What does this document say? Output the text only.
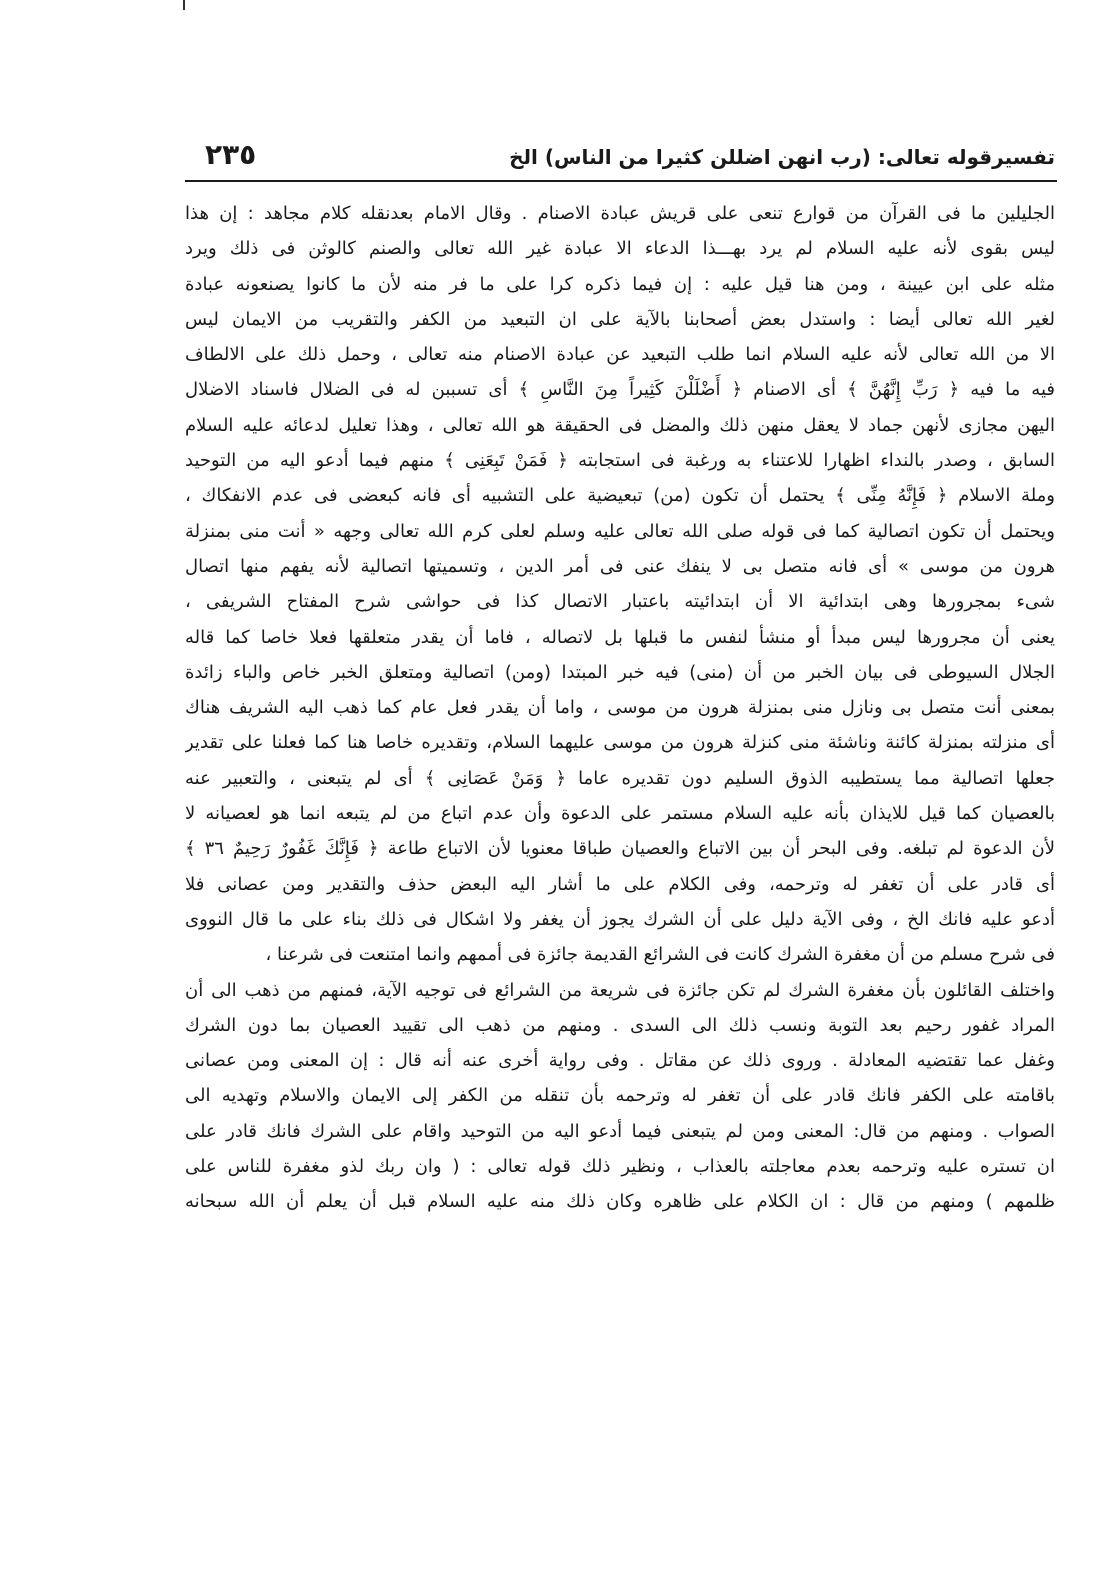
تفسيرقوله تعالى: (رب انهن اضللن كثيرا من الناس) الخ
٢٣٥
الجليلين ما فى القرآن من قوارع تنعى على قريش عبادة الاصنام . وقال الامام بعدنقله كلام مجاهد : إن هذا
ليس بقوى لأنه عليه السلام لم يرد بهـــذا الدعاء الا عبادة غير الله تعالى والصنم كالوثن فى ذلك ويرد
مثله على ابن عيينة ، ومن هنا قيل عليه : إن فيما ذكره كرا على ما فر منه لأن ما كانوا يصنعونه عبادة
لغير الله تعالى أيضا : واستدل بعض أصحابنا بالآية على ان التبعيد من الكفر والتقريب من الايمان ليس
الا من الله تعالى لأنه عليه السلام انما طلب التبعيد عن عبادة الاصنام منه تعالى ، وحمل ذلك على الالطاف
فيه ما فيه ﴿ رَبِّ إِنَّهُنَّ ﴾ أى الاصنام ﴿ أَضْلَلْنَ كَثِيراً مِنَ النَّاسِ ﴾ أى تسببن له فى الضلال فاسناد الاضلال
اليهن مجازى لأنهن جماد لا يعقل منهن ذلك والمضل فى الحقيقة هو الله تعالى ، وهذا تعليل لدعائه عليه السلام
السابق ، وصدر بالنداء اظهارا للاعتناء به ورغبة فى استجابته ﴿ فَمَنْ تَبِعَنِى ﴾ منهم فيما أدعو اليه من التوحيد
وملة الاسلام ﴿ فَإِنَّهُ مِنِّى ﴾ يحتمل أن تكون (من) تبعيضية على التشبيه أى فانه كبعضى فى عدم الانفكاك ،
ويحتمل أن تكون اتصالية كما فى قوله صلى الله تعالى عليه وسلم لعلى كرم الله تعالى وجهه « أنت منى بمنزلة
هرون من موسى » أى فانه متصل بى لا ينفك عنى فى أمر الدين ، وتسميتها اتصالية لأنه يفهم منها اتصال
شىء بمجرورها وهى ابتدائية الا أن ابتدائيته باعتبار الاتصال كذا فى حواشى شرح المفتاح الشريفى ،
يعنى أن مجرورها ليس مبدأ أو منشأ لنفس ما قبلها بل لاتصاله ، فاما أن يقدر متعلقها فعلا خاصا كما قاله
الجلال السيوطى فى بيان الخبر من أن (منى) فيه خبر المبتدا (ومن) اتصالية ومتعلق الخبر خاص والباء زائدة
بمعنى أنت متصل بى ونازل منى بمنزلة هرون من موسى ، واما أن يقدر فعل عام كما ذهب اليه الشريف هناك
أى منزلته بمنزلة كائنة وناشئة منى كنزلة هرون من موسى عليهما السلام، وتقديره خاصا هنا كما فعلنا على تقدير
جعلها اتصالية مما يستطيبه الذوق السليم دون تقديره عاما ﴿ وَمَنْ عَصَانِى ﴾ أى لم يتبعنى ، والتعبير عنه
بالعصيان كما قيل للايذان بأنه عليه السلام مستمر على الدعوة وأن عدم اتباع من لم يتبعه انما هو لعصيانه لا
لأن الدعوة لم تبلغه. وفى البحر أن بين الاتباع والعصيان طباقا معنويا لأن الاتباع طاعة ﴿ فَإِنَّكَ غَفُورٌ رَحِيمٌ ٣٦ ﴾
أى قادر على أن تغفر له وترحمه، وفى الكلام على ما أشار اليه البعض حذف والتقدير ومن عصانى فلا
أدعو عليه فانك الخ ، وفى الآية دليل على أن الشرك يجوز أن يغفر ولا اشكال فى ذلك بناء على ما قال النووى
فى شرح مسلم من أن مغفرة الشرك كانت فى الشرائع القديمة جائزة فى أممهم وانما امتنعت فى شرعنا ،
واختلف القائلون بأن مغفرة الشرك لم تكن جائزة فى شريعة من الشرائع فى توجيه الآية، فمنهم من ذهب الى أن
المراد غفور رحيم بعد التوبة ونسب ذلك الى السدى . ومنهم من ذهب الى تقييد العصيان بما دون الشرك
وغفل عما تقتضيه المعادلة . وروى ذلك عن مقاتل . وفى رواية أخرى عنه أنه قال : إن المعنى ومن عصانى
باقامته على الكفر فانك قادر على أن تغفر له وترحمه بأن تنقله من الكفر إلى الايمان والاسلام وتهديه الى
الصواب . ومنهم من قال: المعنى ومن لم يتبعنى فيما أدعو اليه من التوحيد واقام على الشرك فانك قادر على
ان تستره عليه وترحمه بعدم معاجلته بالعذاب ، ونظير ذلك قوله تعالى : ( وان ربك لذو مغفرة للناس على
ظلمهم ) ومنهم من قال : ان الكلام على ظاهره وكان ذلك منه عليه السلام قبل أن يعلم أن الله سبحانه
